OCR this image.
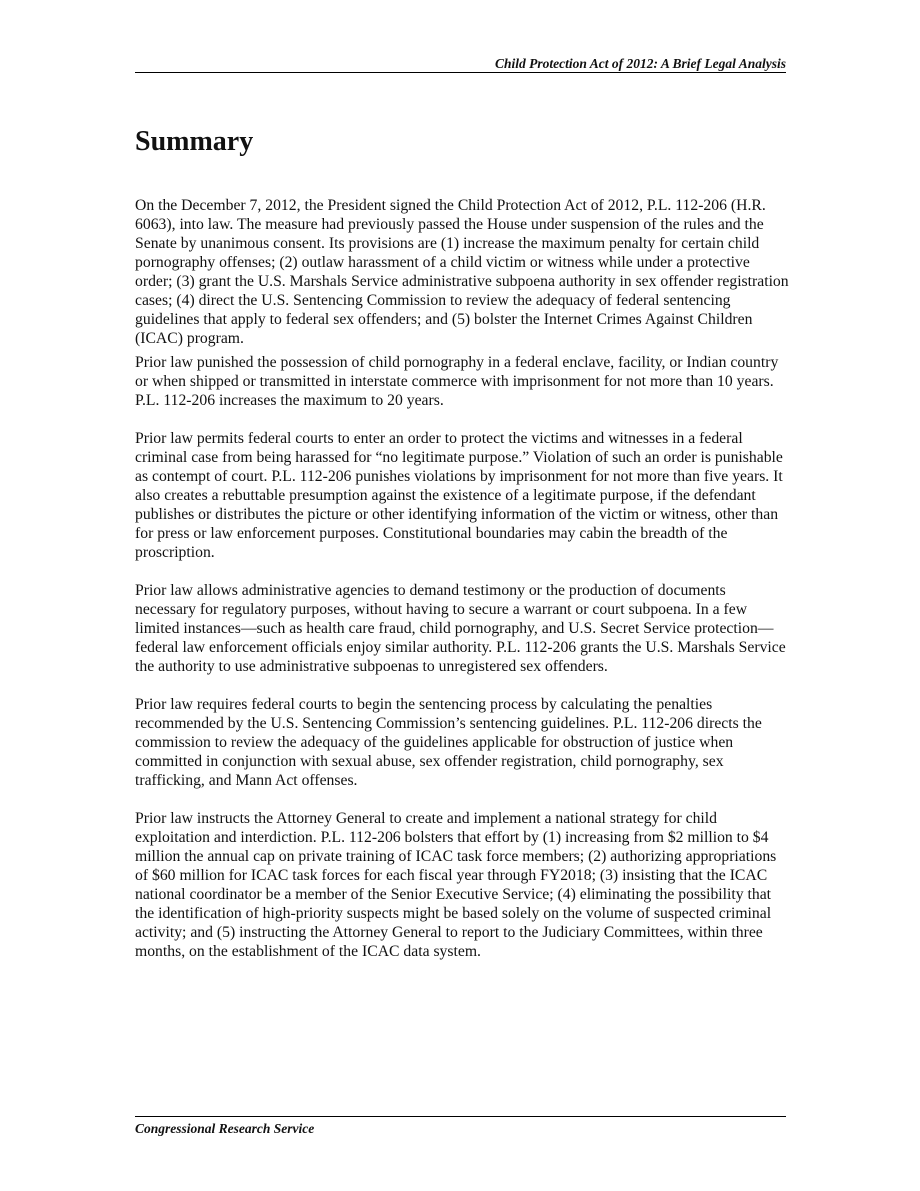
Child Protection Act of 2012: A Brief Legal Analysis
Summary

On the December 7, 2012, the President signed the Child Protection Act of 2012, P.L. 112-206 (H.R. 6063), into law. The measure had previously passed the House under suspension of the rules and the Senate by unanimous consent. Its provisions are (1) increase the maximum penalty for certain child pornography offenses; (2) outlaw harassment of a child victim or witness while under a protective order; (3) grant the U.S. Marshals Service administrative subpoena authority in sex offender registration cases; (4) direct the U.S. Sentencing Commission to review the adequacy of federal sentencing guidelines that apply to federal sex offenders; and (5) bolster the Internet Crimes Against Children (ICAC) program.

Prior law punished the possession of child pornography in a federal enclave, facility, or Indian country or when shipped or transmitted in interstate commerce with imprisonment for not more than 10 years. P.L. 112-206 increases the maximum to 20 years.

Prior law permits federal courts to enter an order to protect the victims and witnesses in a federal criminal case from being harassed for “no legitimate purpose.” Violation of such an order is punishable as contempt of court. P.L. 112-206 punishes violations by imprisonment for not more than five years. It also creates a rebuttable presumption against the existence of a legitimate purpose, if the defendant publishes or distributes the picture or other identifying information of the victim or witness, other than for press or law enforcement purposes. Constitutional boundaries may cabin the breadth of the proscription.

Prior law allows administrative agencies to demand testimony or the production of documents necessary for regulatory purposes, without having to secure a warrant or court subpoena. In a few limited instances—such as health care fraud, child pornography, and U.S. Secret Service protection—federal law enforcement officials enjoy similar authority. P.L. 112-206 grants the U.S. Marshals Service the authority to use administrative subpoenas to unregistered sex offenders.

Prior law requires federal courts to begin the sentencing process by calculating the penalties recommended by the U.S. Sentencing Commission’s sentencing guidelines. P.L. 112-206 directs the commission to review the adequacy of the guidelines applicable for obstruction of justice when committed in conjunction with sexual abuse, sex offender registration, child pornography, sex trafficking, and Mann Act offenses.

Prior law instructs the Attorney General to create and implement a national strategy for child exploitation and interdiction. P.L. 112-206 bolsters that effort by (1) increasing from $2 million to $4 million the annual cap on private training of ICAC task force members; (2) authorizing appropriations of $60 million for ICAC task forces for each fiscal year through FY2018; (3) insisting that the ICAC national coordinator be a member of the Senior Executive Service; (4) eliminating the possibility that the identification of high-priority suspects might be based solely on the volume of suspected criminal activity; and (5) instructing the Attorney General to report to the Judiciary Committees, within three months, on the establishment of the ICAC data system.

Congressional Research Service
